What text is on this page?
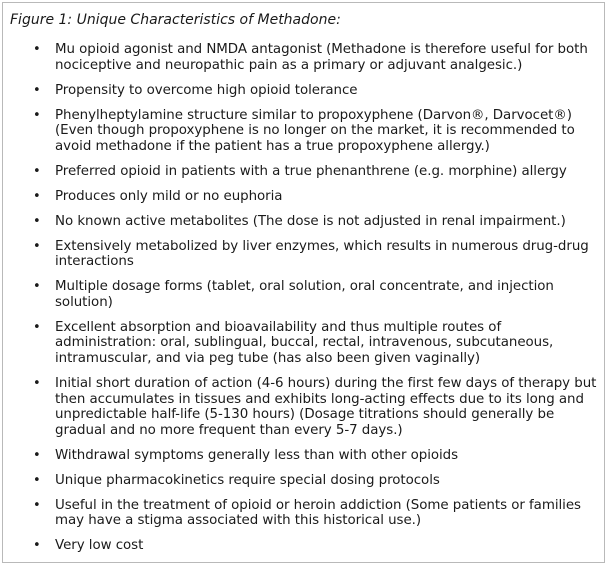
Figure 1: Unique Characteristics of Methadone:
• Mu opioid agonist and NMDA antagonist (Methadone is therefore useful for both nociceptive and neuropathic pain as a primary or adjuvant analgesic.)
• Propensity to overcome high opioid tolerance
• Phenylheptylamine structure similar to propoxyphene (Darvon®, Darvocet®) (Even though propoxyphene is no longer on the market, it is recommended to avoid methadone if the patient has a true propoxyphene allergy.)
• Preferred opioid in patients with a true phenanthrene (e.g. morphine) allergy
• Produces only mild or no euphoria
• No known active metabolites (The dose is not adjusted in renal impairment.)
• Extensively metabolized by liver enzymes, which results in numerous drug-drug interactions
• Multiple dosage forms (tablet, oral solution, oral concentrate, and injection solution)
• Excellent absorption and bioavailability and thus multiple routes of administration: oral, sublingual, buccal, rectal, intravenous, subcutaneous, intramuscular, and via peg tube (has also been given vaginally)
• Initial short duration of action (4-6 hours) during the first few days of therapy but then accumulates in tissues and exhibits long-acting effects due to its long and unpredictable half-life (5-130 hours) (Dosage titrations should generally be gradual and no more frequent than every 5-7 days.)
• Withdrawal symptoms generally less than with other opioids
• Unique pharmacokinetics require special dosing protocols
• Useful in the treatment of opioid or heroin addiction (Some patients or families may have a stigma associated with this historical use.)
• Very low cost
